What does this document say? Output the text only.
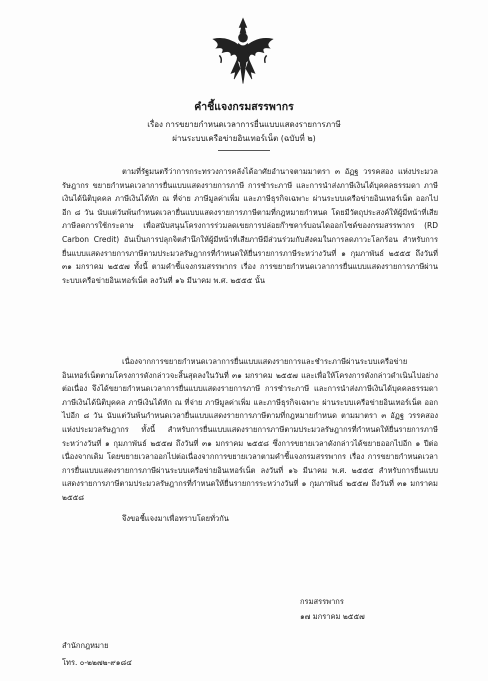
คำชี้แจงกรมสรรพากร
เรื่อง การขยายกำหนดเวลาการยื่นแบบแสดงรายการภาษี
ผ่านระบบเครือข่ายอินเทอร์เน็ต (ฉบับที่ ๒)

ตามที่รัฐมนตรีว่าการกระทรวงการคลังได้อาศัยอำนาจตามมาตรา ๓ อัฏฐ วรรคสอง แห่งประมวลรัษฎากร ขยายกำหนดเวลาการยื่นแบบแสดงรายการภาษี การชำระภาษี และการนำส่งภาษีเงินได้บุคคลธรรมดา ภาษีเงินได้นิติบุคคล ภาษีเงินได้หัก ณ ที่จ่าย ภาษีมูลค่าเพิ่ม และภาษีธุรกิจเฉพาะ ผ่านระบบเครือข่ายอินเทอร์เน็ต ออกไปอีก ๘ วัน นับแต่วันพ้นกำหนดเวลายื่นแบบแสดงรายการภาษีตามที่กฎหมายกำหนด โดยมีวัตถุประสงค์ให้ผู้มีหน้าที่เสียภาษีลดการใช้กระดาษ เพื่อสนับสนุนโครงการร่วมลดเขยการปล่อยก๊าซคาร์บอนไดออกไซด์ของกรมสรรพากร (RD Carbon Credit) อันเป็นการปลุกจิตสำนึกให้ผู้มีหน้าที่เสียภาษีมีส่วนร่วมกับสังคมในการลดภาวะโลกร้อน สำหรับการยื่นแบบแสดงรายการภาษีตามประมวลรัษฎากรที่กำหนดให้ยื่นรายการภาษีระหว่างวันที่ ๑ กุมภาพันธ์ ๒๕๕๕ ถึงวันที่ ๓๑ มกราคม ๒๕๕๗ ทั้งนี้ ตามคำชี้แจงกรมสรรพากร เรื่อง การขยายกำหนดเวลาการยื่นแบบแสดงรายการภาษีผ่านระบบเครือข่ายอินเทอร์เน็ต ลงวันที่ ๑๖ มีนาคม พ.ศ. ๒๕๕๕ นั้น

เนื่องจากการขยายกำหนดเวลาการยื่นแบบแสดงรายการและชำระภาษีผ่านระบบเครือข่ายอินเทอร์เน็ตตามโครงการดังกล่าวจะสิ้นสุดลงในวันที่ ๓๑ มกราคม ๒๕๕๗ และเพื่อให้โครงการดังกล่าวดำเนินไปอย่างต่อเนื่อง จึงได้ขยายกำหนดเวลาการยื่นแบบแสดงรายการภาษี การชำระภาษี และการนำส่งภาษีเงินได้บุคคลธรรมดา ภาษีเงินได้นิติบุคคล ภาษีเงินได้หัก ณ ที่จ่าย ภาษีมูลค่าเพิ่ม และภาษีธุรกิจเฉพาะ ผ่านระบบเครือข่ายอินเทอร์เน็ต ออกไปอีก ๘ วัน นับแต่วันพ้นกำหนดเวลายื่นแบบแสดงรายการภาษีตามที่กฎหมายกำหนด ตามมาตรา ๓ อัฏฐ วรรคสอง แห่งประมวลรัษฎากร ทั้งนี้ สำหรับการยื่นแบบแสดงรายการภาษีตามประมวลรัษฎากรที่กำหนดให้ยื่นรายการภาษีระหว่างวันที่ ๑ กุมภาพันธ์ ๒๕๕๗ ถึงวันที่ ๓๑ มกราคม ๒๕๕๘ ซึ่งการขยายเวลาดังกล่าวได้ขยายออกไปอีก ๑ ปีต่อเนื่องจากเดิม โดยขยายเวลาออกไปต่อเนื่องจากการขยายเวลาตามคำชี้แจงกรมสรรพากร เรื่อง การขยายกำหนดเวลาการยื่นแบบแสดงรายการภาษีผ่านระบบเครือข่ายอินเทอร์เน็ต ลงวันที่ ๑๖ มีนาคม พ.ศ. ๒๕๕๕ สำหรับการยื่นแบบแสดงรายการภาษีตามประมวลรัษฎากรที่กำหนดให้ยื่นรายการระหว่างวันที่ ๑ กุมภาพันธ์ ๒๕๕๗ ถึงวันที่ ๓๑ มกราคม ๒๕๕๘

จึงขอชี้แจงมาเพื่อทราบโดยทั่วกัน
กรมสรรพากร
๑๗ มกราคม ๒๕๕๗
สำนักกฎหมาย
โทร. ๐-๒๒๗๒-๙๑๘๔
